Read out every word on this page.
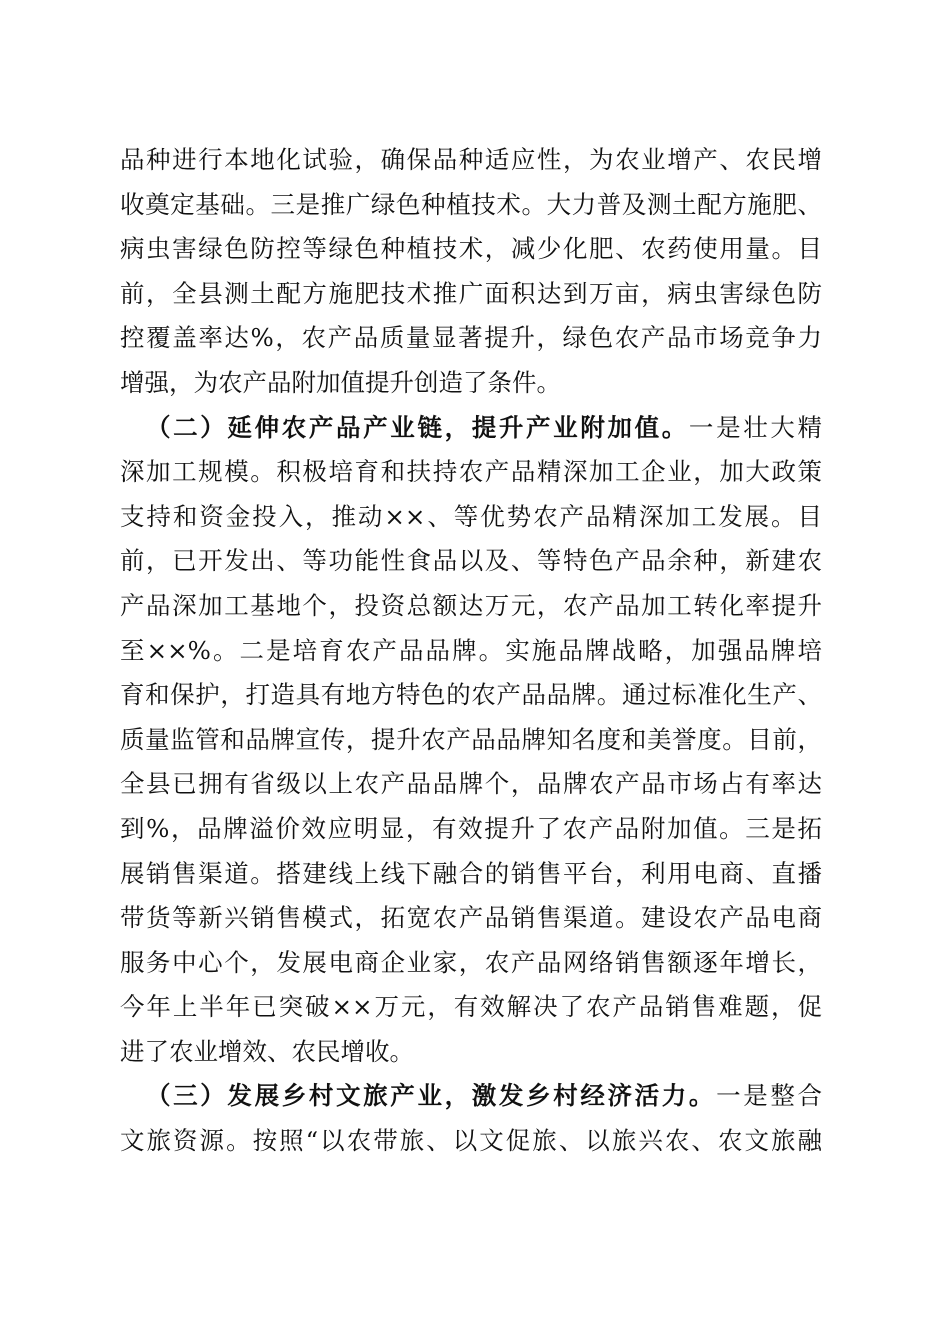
品种进行本地化试验，确保品种适应性，为农业增产、农民增
收奠定基础。三是推广绿色种植技术。大力普及测土配方施肥、
病虫害绿色防控等绿色种植技术，减少化肥、农药使用量。目
前，全县测土配方施肥技术推广面积达到万亩，病虫害绿色防
控覆盖率达%，农产品质量显著提升，绿色农产品市场竞争力
增强，为农产品附加值提升创造了条件。
（二）延伸农产品产业链，提升产业附加值。一是壮大精
深加工规模。积极培育和扶持农产品精深加工企业，加大政策
支持和资金投入，推动××、等优势农产品精深加工发展。目
前，已开发出、等功能性食品以及、等特色产品余种，新建农
产品深加工基地个，投资总额达万元，农产品加工转化率提升
至××%。二是培育农产品品牌。实施品牌战略，加强品牌培
育和保护，打造具有地方特色的农产品品牌。通过标准化生产、
质量监管和品牌宣传，提升农产品品牌知名度和美誉度。目前，
全县已拥有省级以上农产品品牌个，品牌农产品市场占有率达
到%，品牌溢价效应明显，有效提升了农产品附加值。三是拓
展销售渠道。搭建线上线下融合的销售平台，利用电商、直播
带货等新兴销售模式，拓宽农产品销售渠道。建设农产品电商
服务中心个，发展电商企业家，农产品网络销售额逐年增长，
今年上半年已突破××万元，有效解决了农产品销售难题，促
进了农业增效、农民增收。
（三）发展乡村文旅产业，激发乡村经济活力。一是整合
文旅资源。按照“以农带旅、以文促旅、以旅兴农、农文旅融
